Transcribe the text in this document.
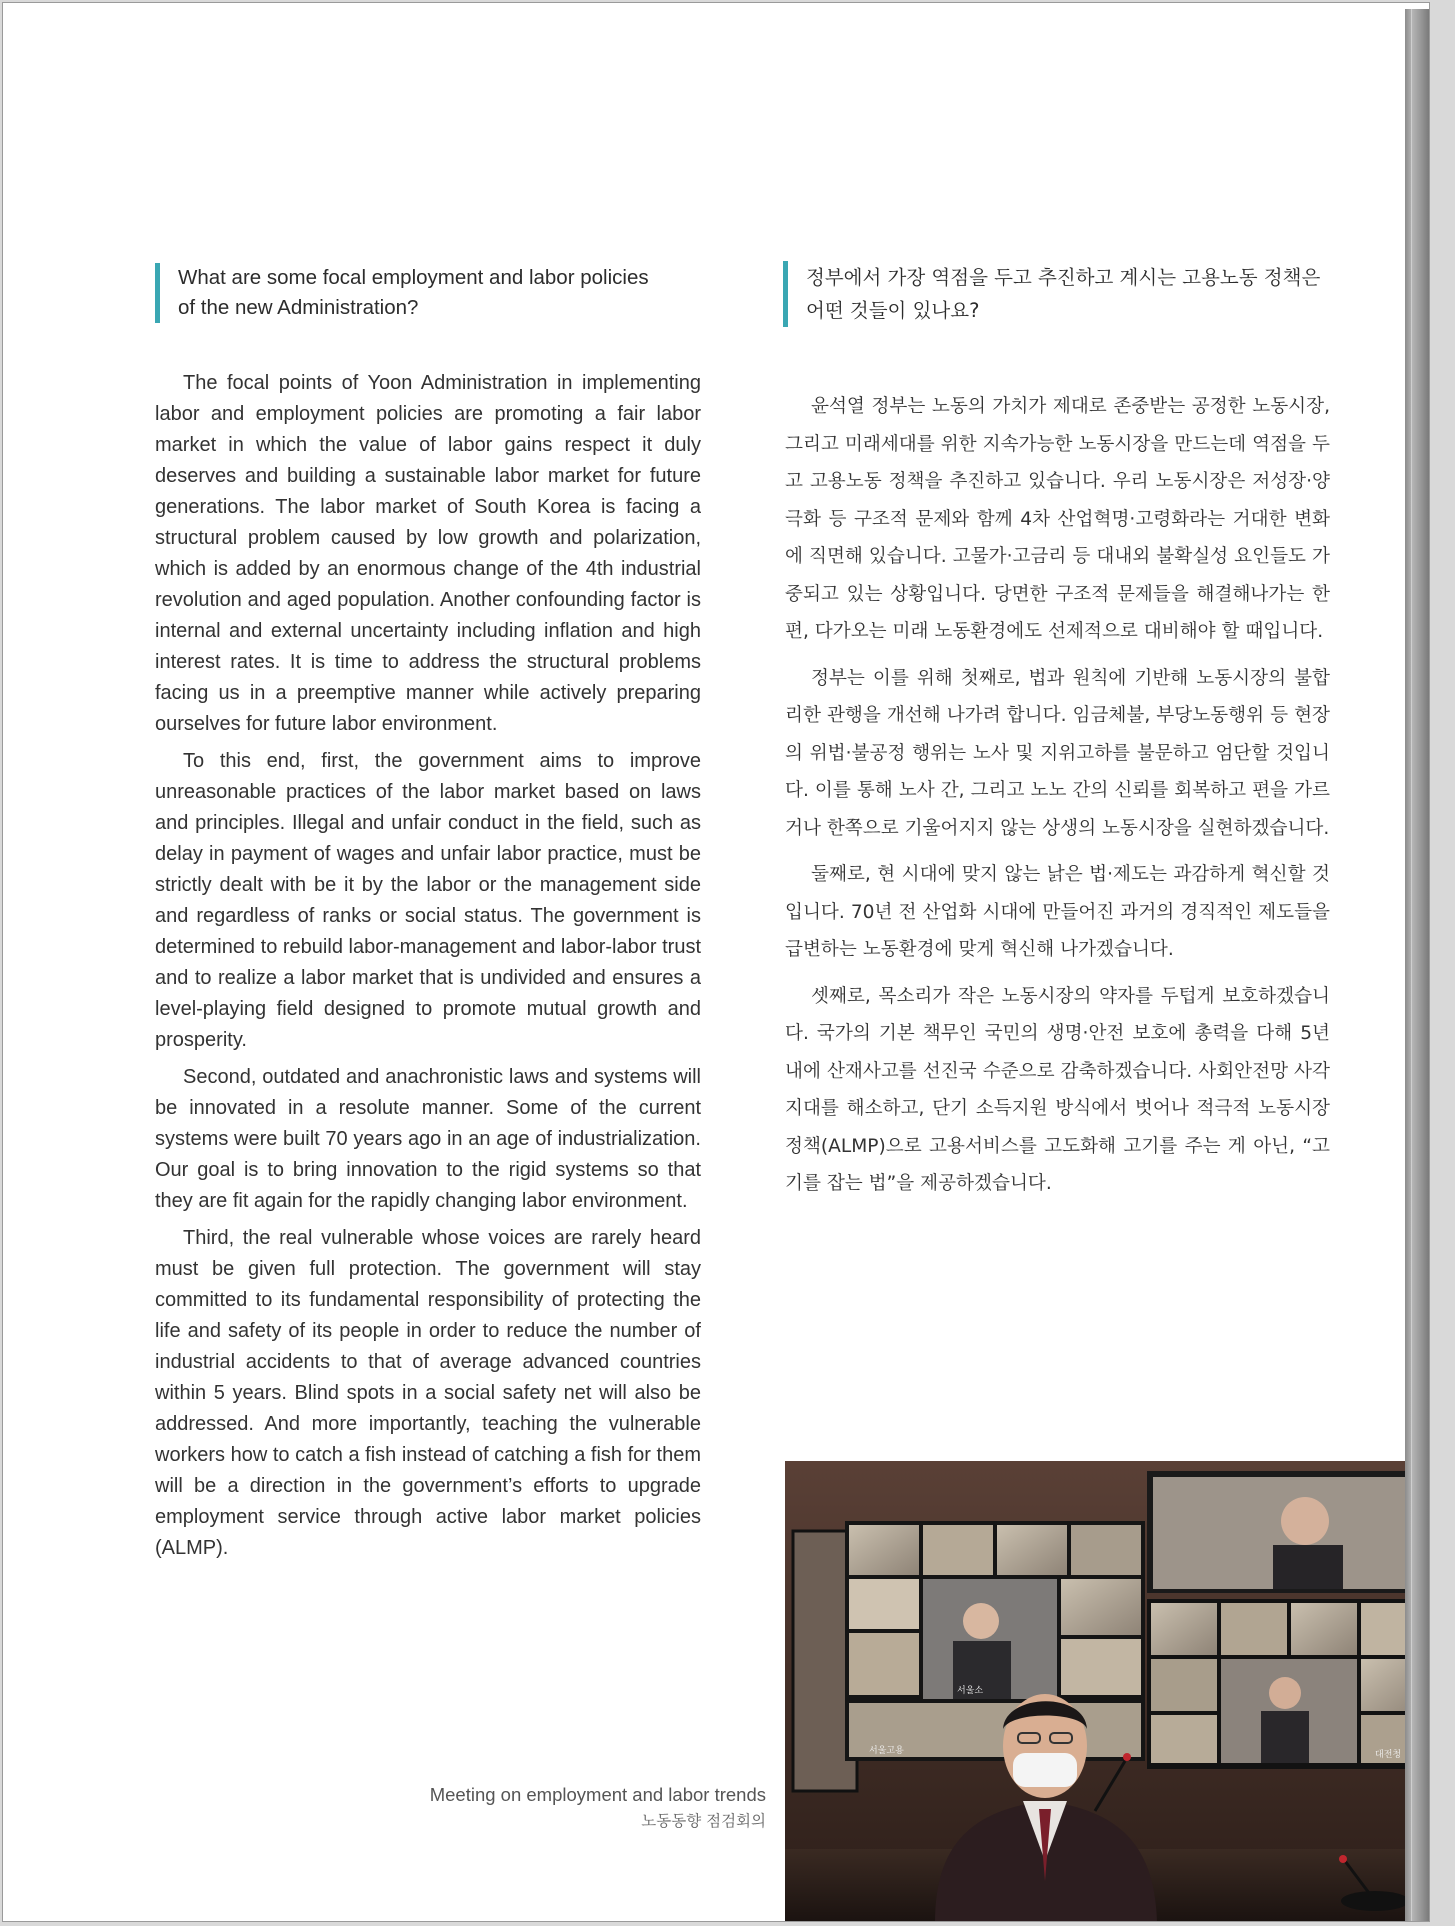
What are some focal employment and labor policies
of the new Administration?
정부에서 가장 역점을 두고 추진하고 계시는 고용노동 정책은
어떤 것들이 있나요?

The focal points of Yoon Administration in implementing labor and employment policies are promoting a fair labor market in which the value of labor gains respect it duly deserves and building a sustainable labor market for future generations. The labor market of South Korea is facing a structural problem caused by low growth and polarization, which is added by an enormous change of the 4th industrial revolution and aged population. Another confounding factor is internal and external uncertainty including inflation and high interest rates. It is time to address the structural problems facing us in a preemptive manner while actively preparing ourselves for future labor environment.

To this end, first, the government aims to improve unreasonable practices of the labor market based on laws and principles. Illegal and unfair conduct in the field, such as delay in payment of wages and unfair labor practice, must be strictly dealt with be it by the labor or the management side and regardless of ranks or social status. The government is determined to rebuild labor-management and labor-labor trust and to realize a labor market that is undivided and ensures a level-playing field designed to promote mutual growth and prosperity.

Second, outdated and anachronistic laws and systems will be innovated in a resolute manner. Some of the current systems were built 70 years ago in an age of industrialization. Our goal is to bring innovation to the rigid systems so that they are fit again for the rapidly changing labor environment.

Third, the real vulnerable whose voices are rarely heard must be given full protection. The government will stay committed to its fundamental responsibility of protecting the life and safety of its people in order to reduce the number of industrial accidents to that of average advanced countries within 5 years. Blind spots in a social safety net will also be addressed. And more importantly, teaching the vulnerable workers how to catch a fish instead of catching a fish for them will be a direction in the government’s efforts to upgrade employment service through active labor market policies (ALMP).

윤석열 정부는 노동의 가치가 제대로 존중받는 공정한 노동시장, 그리고 미래세대를 위한 지속가능한 노동시장을 만드는데 역점을 두고 고용노동 정책을 추진하고 있습니다. 우리 노동시장은 저성장·양극화 등 구조적 문제와 함께 4차 산업혁명·고령화라는 거대한 변화에 직면해 있습니다. 고물가·고금리 등 대내외 불확실성 요인들도 가중되고 있는 상황입니다. 당면한 구조적 문제들을 해결해나가는 한편, 다가오는 미래 노동환경에도 선제적으로 대비해야 할 때입니다.

정부는 이를 위해 첫째로, 법과 원칙에 기반해 노동시장의 불합리한 관행을 개선해 나가려 합니다. 임금체불, 부당노동행위 등 현장의 위법·불공정 행위는 노사 및 지위고하를 불문하고 엄단할 것입니다. 이를 통해 노사 간, 그리고 노노 간의 신뢰를 회복하고 편을 가르거나 한쪽으로 기울어지지 않는 상생의 노동시장을 실현하겠습니다.

둘째로, 현 시대에 맞지 않는 낡은 법·제도는 과감하게 혁신할 것입니다. 70년 전 산업화 시대에 만들어진 과거의 경직적인 제도들을 급변하는 노동환경에 맞게 혁신해 나가겠습니다.

셋째로, 목소리가 작은 노동시장의 약자를 두텁게 보호하겠습니다. 국가의 기본 책무인 국민의 생명·안전 보호에 총력을 다해 5년 내에 산재사고를 선진국 수준으로 감축하겠습니다. 사회안전망 사각지대를 해소하고, 단기 소득지원 방식에서 벗어나 적극적 노동시장 정책(ALMP)으로 고용서비스를 고도화해 고기를 주는 게 아닌, “고기를 잡는 법”을 제공하겠습니다.

Meeting on employment and labor trends
노동동향 점검회의
서울소
서울고용	대전청
